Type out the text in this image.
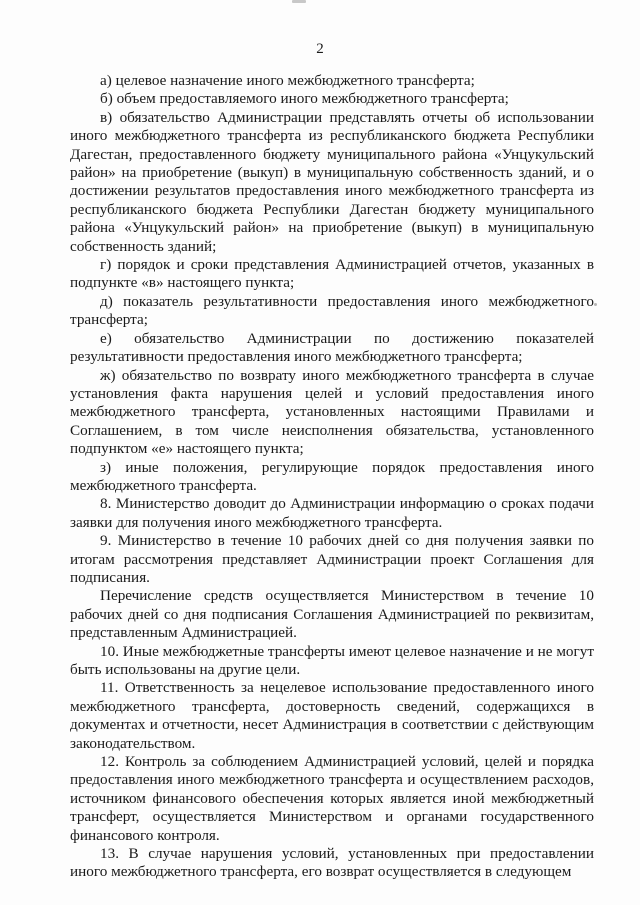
2

а) целевое назначение иного межбюджетного трансферта;

б) объем предоставляемого иного межбюджетного трансферта;

в) обязательство Администрации представлять отчеты об использовании иного межбюджетного трансферта из республиканского бюджета Республики Дагестан, предоставленного бюджету муниципального района «Унцукульский район» на приобретение (выкуп) в муниципальную собственность зданий, и о достижении результатов предоставления иного межбюджетного трансферта из республиканского бюджета Республики Дагестан бюджету муниципального района «Унцукульский район» на приобретение (выкуп) в муниципальную собственность зданий;

г) порядок и сроки представления Администрацией отчетов, указанных в подпункте «в» настоящего пункта;

д) показатель результативности предоставления иного межбюджетного трансферта;

е) обязательство Администрации по достижению показателей результативности предоставления иного межбюджетного трансферта;

ж) обязательство по возврату иного межбюджетного трансферта в случае установления факта нарушения целей и условий предоставления иного межбюджетного трансферта, установленных настоящими Правилами и Соглашением, в том числе неисполнения обязательства, установленного подпунктом «е» настоящего пункта;

з) иные положения, регулирующие порядок предоставления иного межбюджетного трансферта.

8. Министерство доводит до Администрации информацию о сроках подачи заявки для получения иного межбюджетного трансферта.

9. Министерство в течение 10 рабочих дней со дня получения заявки по итогам рассмотрения представляет Администрации проект Соглашения для подписания.

Перечисление средств осуществляется Министерством в течение 10 рабочих дней со дня подписания Соглашения Администрацией по реквизитам, представленным Администрацией.

10. Иные межбюджетные трансферты имеют целевое назначение и не могут быть использованы на другие цели.

11. Ответственность за нецелевое использование предоставленного иного межбюджетного трансферта, достоверность сведений, содержащихся в документах и отчетности, несет Администрация в соответствии с действующим законодательством.

12. Контроль за соблюдением Администрацией условий, целей и порядка предоставления иного межбюджетного трансферта и осуществлением расходов, источником финансового обеспечения которых является иной межбюджетный трансферт, осуществляется Министерством и органами государственного финансового контроля.

13. В случае нарушения условий, установленных при предоставлении иного межбюджетного трансферта, его возврат осуществляется в следующем
